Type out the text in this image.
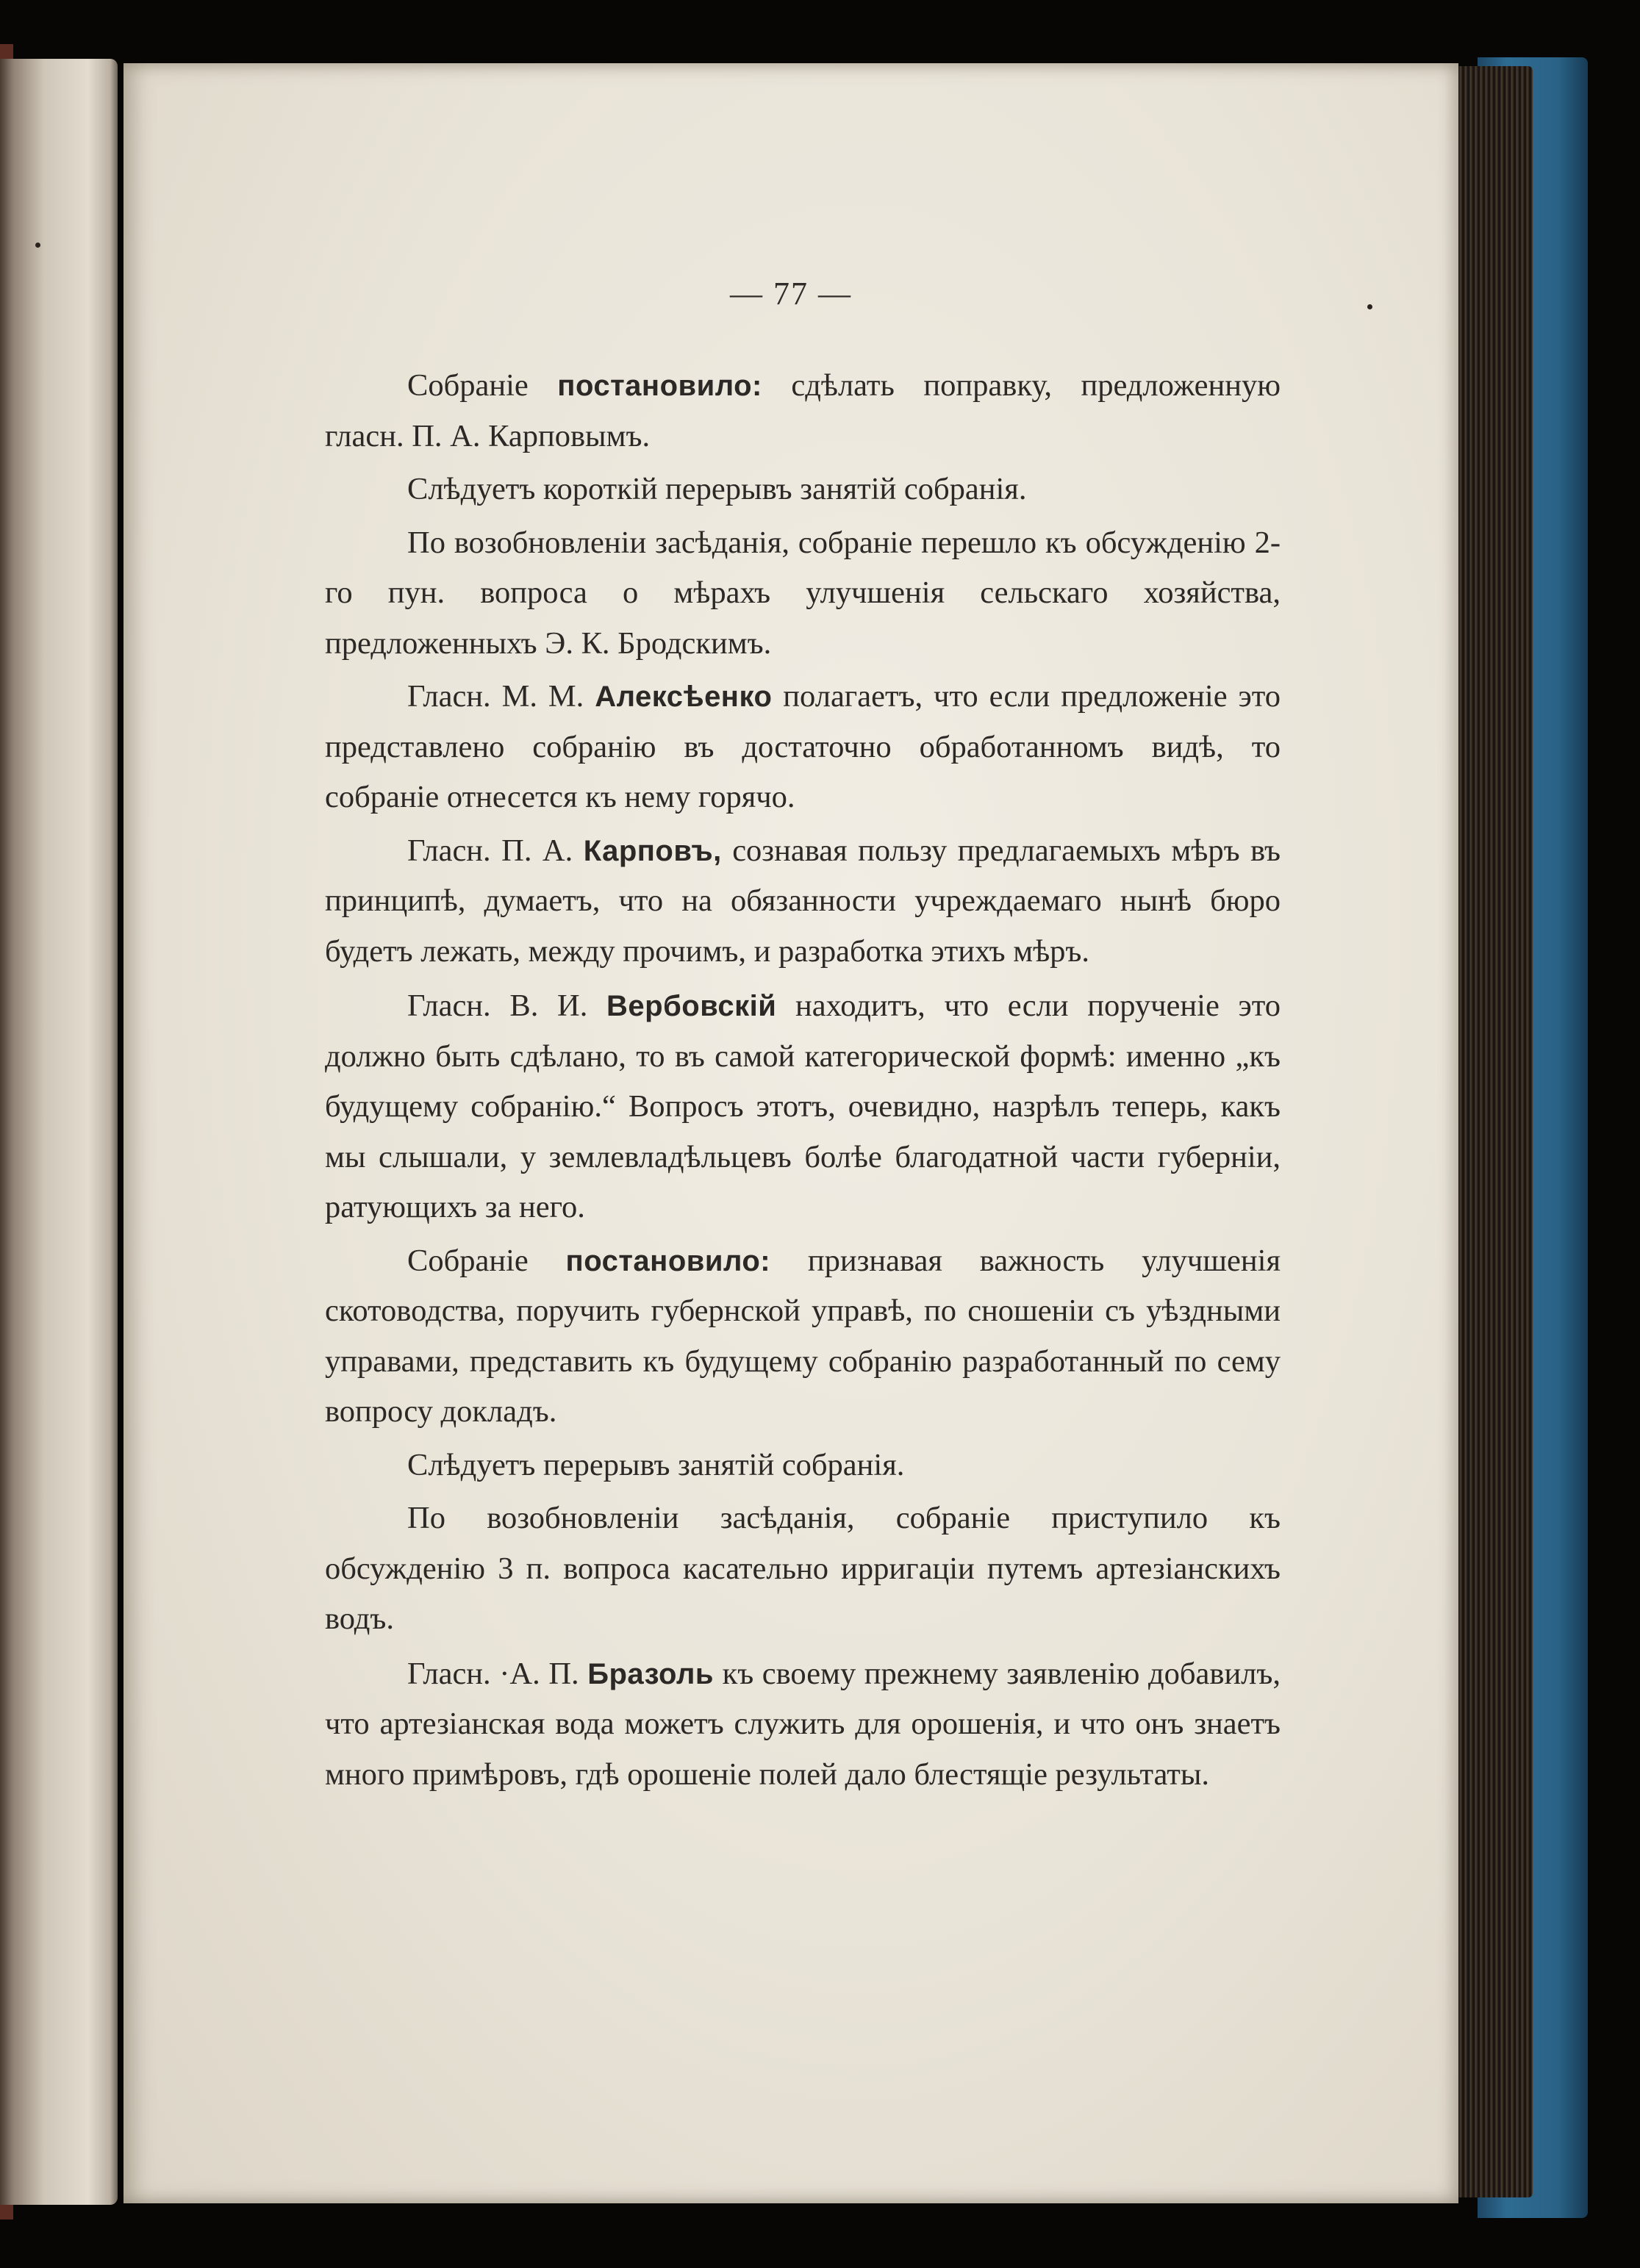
— 77 —

Собраніе постановило: сдѣлать поправку, предложенную гласн. П. А. Карповымъ.

Слѣдуетъ короткій перерывъ занятій собранія.

По возобновленіи засѣданія, собраніе перешло къ обсужденію 2-го пун. вопроса о мѣрахъ улучшенія сельскаго хозяйства, предложенныхъ Э. К. Бродскимъ.

Гласн. М. М. Алексѣенко полагаетъ, что если предложеніе это представлено собранію въ достаточно обработанномъ видѣ, то собраніе отнесется къ нему горячо.

Гласн. П. А. Карповъ, сознавая пользу предлагаемыхъ мѣръ въ принципѣ, думаетъ, что на обязанности учреждаемаго нынѣ бюро будетъ лежать, между прочимъ, и разработка этихъ мѣръ.

Гласн. В. И. Вербовскій находитъ, что если порученіе это должно быть сдѣлано, то въ самой категорической формѣ: именно „къ будущему собранію.“ Вопросъ этотъ, очевидно, назрѣлъ теперь, какъ мы слышали, у землевладѣльцевъ болѣе благодатной части губерніи, ратующихъ за него.

Собраніе постановило: признавая важность улучшенія скотоводства, поручить губернской управѣ, по сношеніи съ уѣздными управами, представить къ будущему собранію разработанный по сему вопросу докладъ.

Слѣдуетъ перерывъ занятій собранія.

По возобновленіи засѣданія, собраніе приступило къ обсужденію 3 п. вопроса касательно ирригаціи путемъ артезіанскихъ водъ.

Гласн. ·А. П. Бразоль къ своему прежнему заявленію добавилъ, что артезіанская вода можетъ служить для орошенія, и что онъ знаетъ много примѣровъ, гдѣ орошеніе полей дало блестящіе результаты.
